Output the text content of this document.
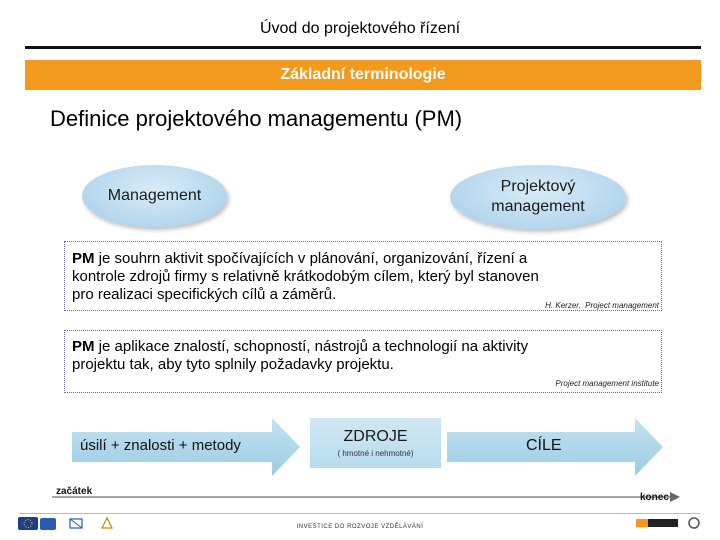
Úvod do projektového řízení
Základní terminologie
Definice projektového managementu (PM)
Management
Projektový
management
PM je souhrn aktivit spočívajících v plánování, organizování, řízení a
kontrole zdrojů firmy s relativně krátkodobým cílem, který byl stanoven
pro realizaci specifických cílů a záměrů.
H. Kerzer, Project management
PM je aplikace znalostí, schopností, nástrojů a technologií na aktivity
projektu tak, aby tyto splnily požadavky projektu.
Project management institute
úsilí + znalosti + metody
ZDROJE
( hmotné i nehmotné)	CÍLE
začátek
konec
INVESTICE DO ROZVOJE VZDĚLÁVÁNÍ
